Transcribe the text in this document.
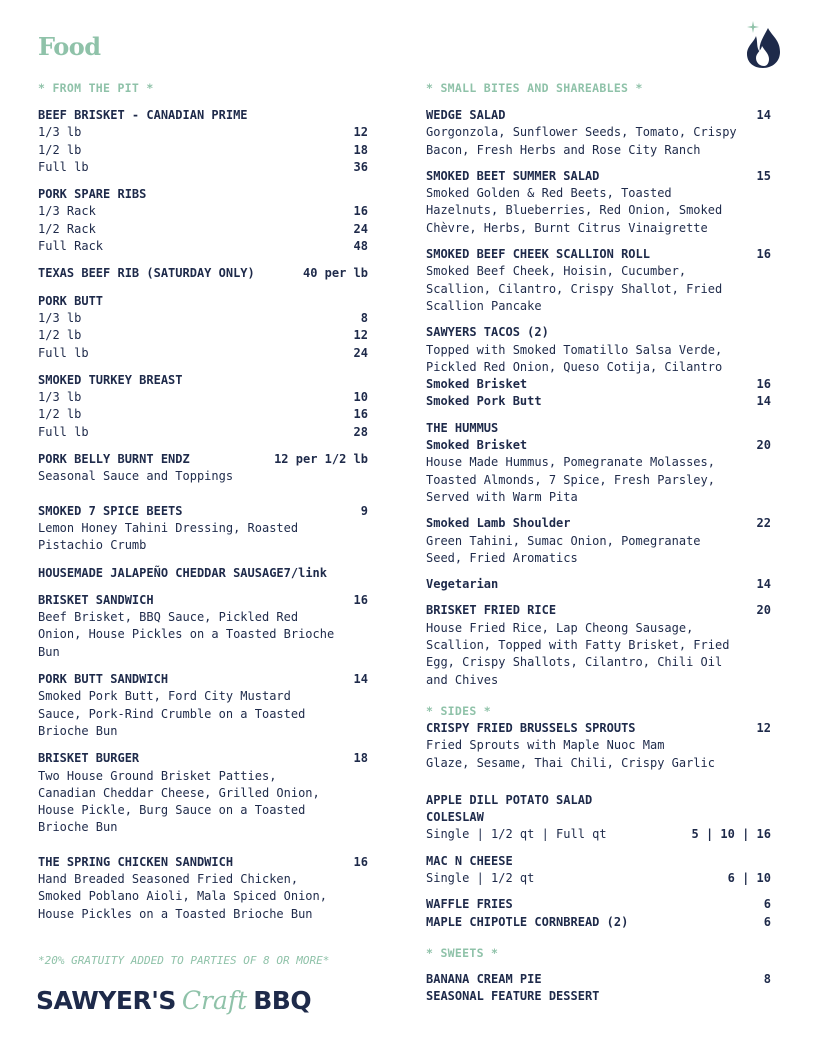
Food
* FROM THE PIT *
BEEF BRISKET - CANADIAN PRIME
1/3 lb	12
1/2 lb	18
Full lb	36
PORK SPARE RIBS
1/3 Rack	16
1/2 Rack	24
Full Rack	48
TEXAS BEEF RIB (SATURDAY ONLY)	40 per lb
PORK BUTT
1/3 lb	8
1/2 lb	12
Full lb	24
SMOKED TURKEY BREAST
1/3 lb	10
1/2 lb	16
Full lb	28
PORK BELLY BURNT ENDZ	12 per 1/2 lb
Seasonal Sauce and Toppings
SMOKED 7 SPICE BEETS	9
Lemon Honey Tahini Dressing, Roasted
Pistachio Crumb
HOUSEMADE JALAPEÑO CHEDDAR SAUSAGE 7/link
BRISKET SANDWICH	16
Beef Brisket, BBQ Sauce, Pickled Red
Onion, House Pickles on a Toasted Brioche
Bun
PORK BUTT SANDWICH	14
Smoked Pork Butt, Ford City Mustard
Sauce, Pork-Rind Crumble on a Toasted
Brioche Bun
BRISKET BURGER	18
Two House Ground Brisket Patties,
Canadian Cheddar Cheese, Grilled Onion,
House Pickle, Burg Sauce on a Toasted
Brioche Bun
THE SPRING CHICKEN SANDWICH	16
Hand Breaded Seasoned Fried Chicken,
Smoked Poblano Aioli, Mala Spiced Onion,
House Pickles on a Toasted Brioche Bun
*20% GRATUITY ADDED TO PARTIES OF 8 OR MORE*
SAWYER'S Craft BBQ
* SMALL BITES AND SHAREABLES *
WEDGE SALAD	14
Gorgonzola, Sunflower Seeds, Tomato, Crispy
Bacon, Fresh Herbs and Rose City Ranch
SMOKED BEET SUMMER SALAD	15
Smoked Golden & Red Beets, Toasted
Hazelnuts, Blueberries, Red Onion, Smoked
Chèvre, Herbs, Burnt Citrus Vinaigrette
SMOKED BEEF CHEEK SCALLION ROLL	16
Smoked Beef Cheek, Hoisin, Cucumber,
Scallion, Cilantro, Crispy Shallot, Fried
Scallion Pancake
SAWYERS TACOS (2)
Topped with Smoked Tomatillo Salsa Verde,
Pickled Red Onion, Queso Cotija, Cilantro
Smoked Brisket	16
Smoked Pork Butt	14
THE HUMMUS
Smoked Brisket	20
House Made Hummus, Pomegranate Molasses,
Toasted Almonds, 7 Spice, Fresh Parsley,
Served with Warm Pita
Smoked Lamb Shoulder	22
Green Tahini, Sumac Onion, Pomegranate
Seed, Fried Aromatics
Vegetarian	14
BRISKET FRIED RICE	20
House Fried Rice, Lap Cheong Sausage,
Scallion, Topped with Fatty Brisket, Fried
Egg, Crispy Shallots, Cilantro, Chili Oil
and Chives
* SIDES *
CRISPY FRIED BRUSSELS SPROUTS	12
Fried Sprouts with Maple Nuoc Mam
Glaze, Sesame, Thai Chili, Crispy Garlic
APPLE DILL POTATO SALAD
COLESLAW
Single | 1/2 qt | Full qt	5 | 10 | 16
MAC N CHEESE
Single | 1/2 qt	6 | 10
WAFFLE FRIES	6
MAPLE CHIPOTLE CORNBREAD (2)	6
* SWEETS *
BANANA CREAM PIE	8
SEASONAL FEATURE DESSERT
